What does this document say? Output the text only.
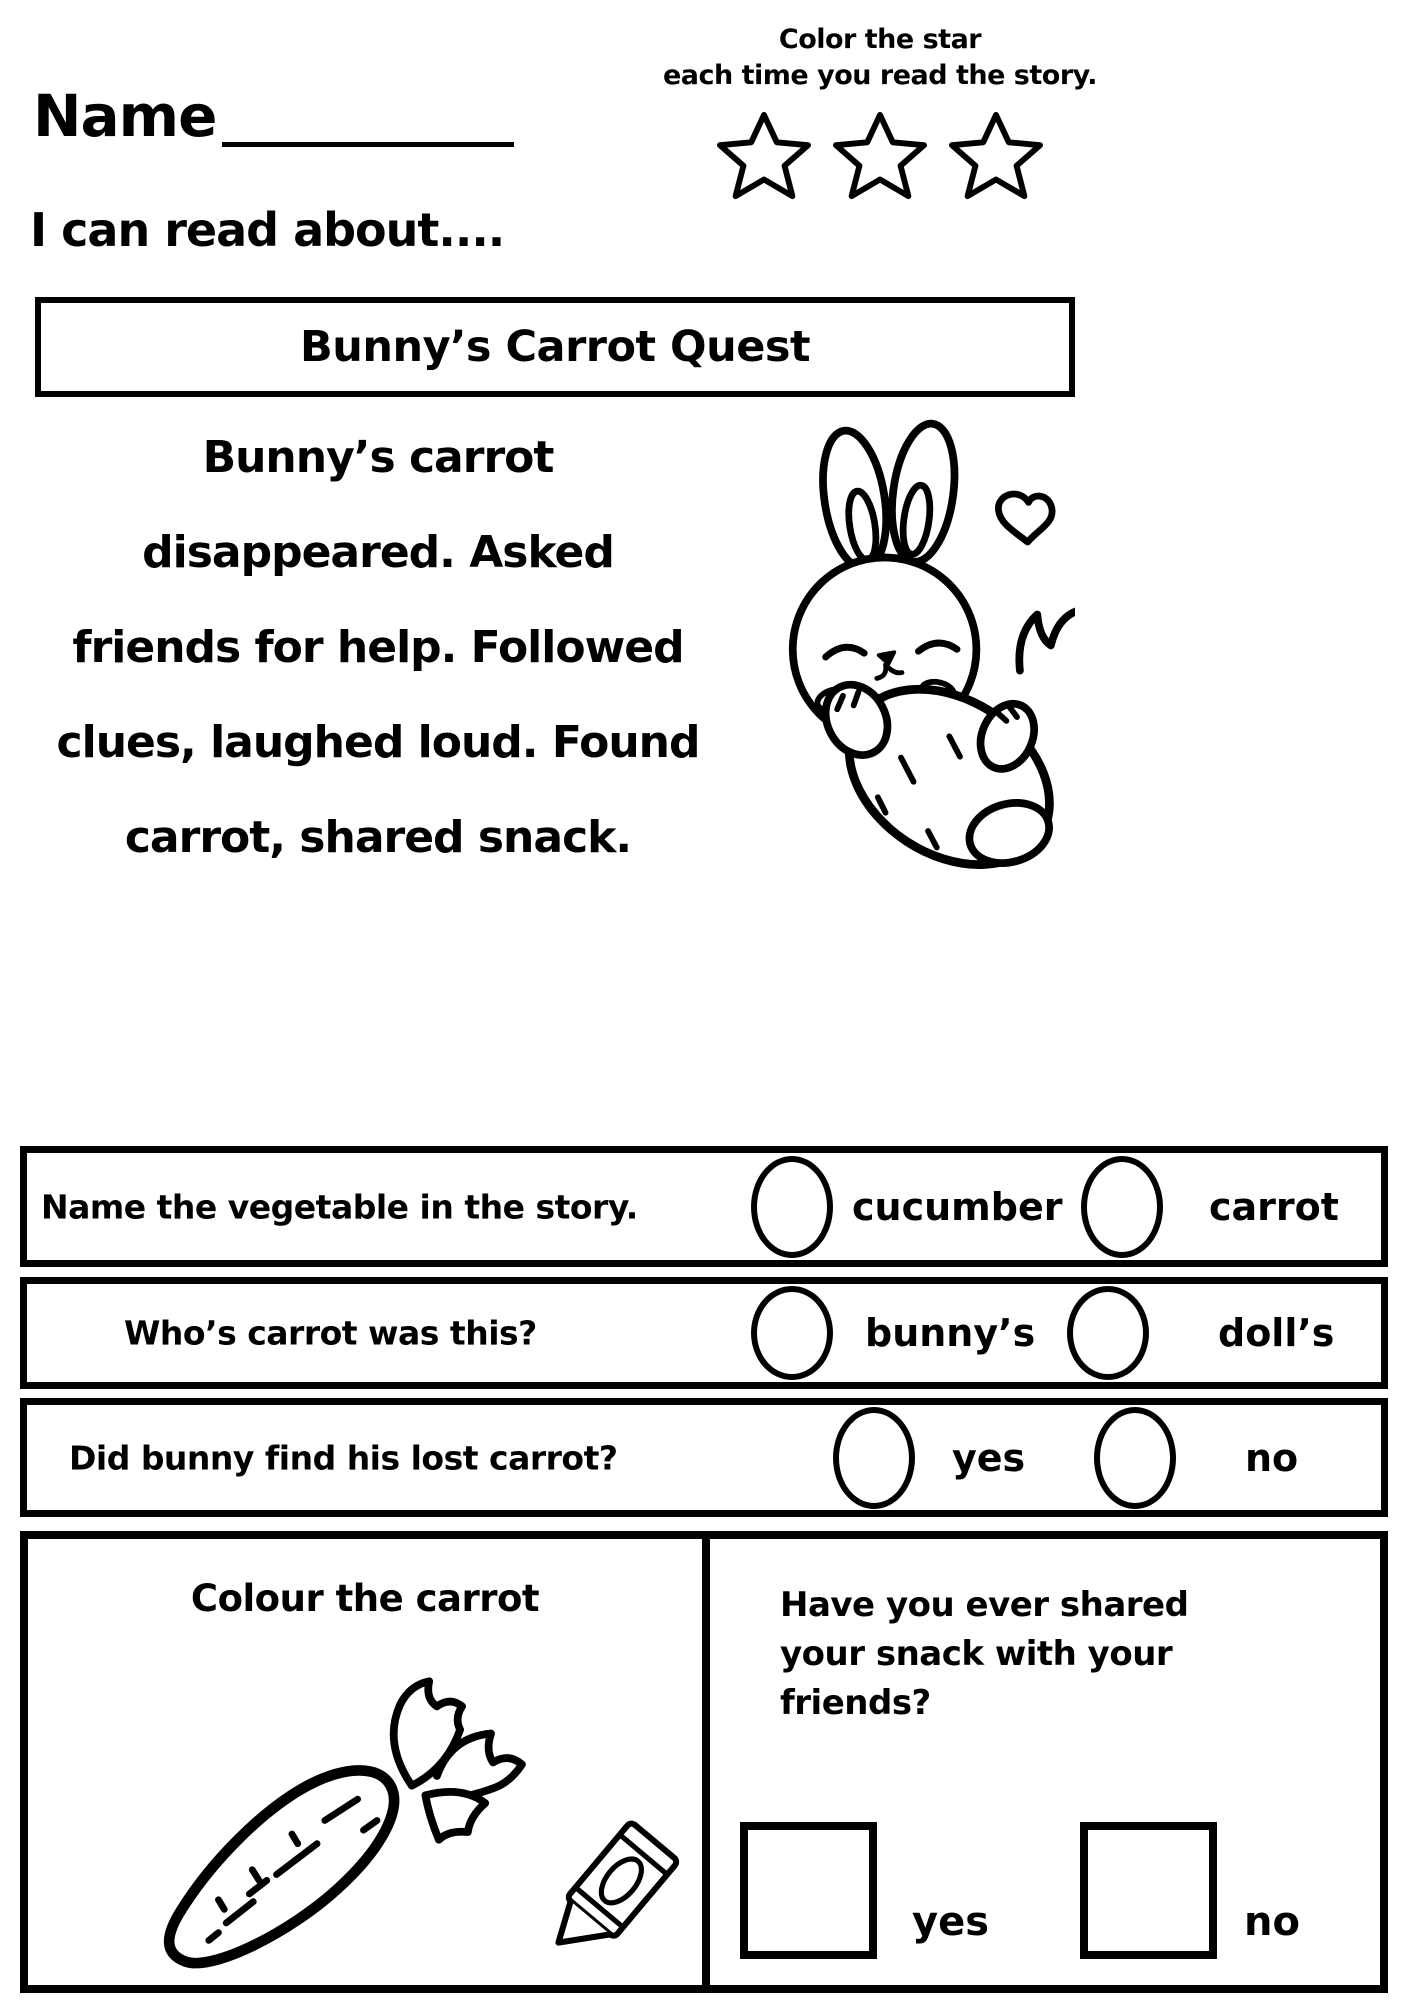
Name
Color the star
each time you read the story.
I can read about....
Bunny’s Carrot Quest
Bunny’s carrot
disappeared. Asked
friends for help. Followed
clues, laughed loud. Found
carrot, shared snack.
Name the vegetable in the story.	cucumber	carrot
Who’s carrot was this?	bunny’s	doll’s
Did bunny find his lost carrot?	yes	no
Colour the carrot	Have you ever shared your snack with your friends?
yes	no
